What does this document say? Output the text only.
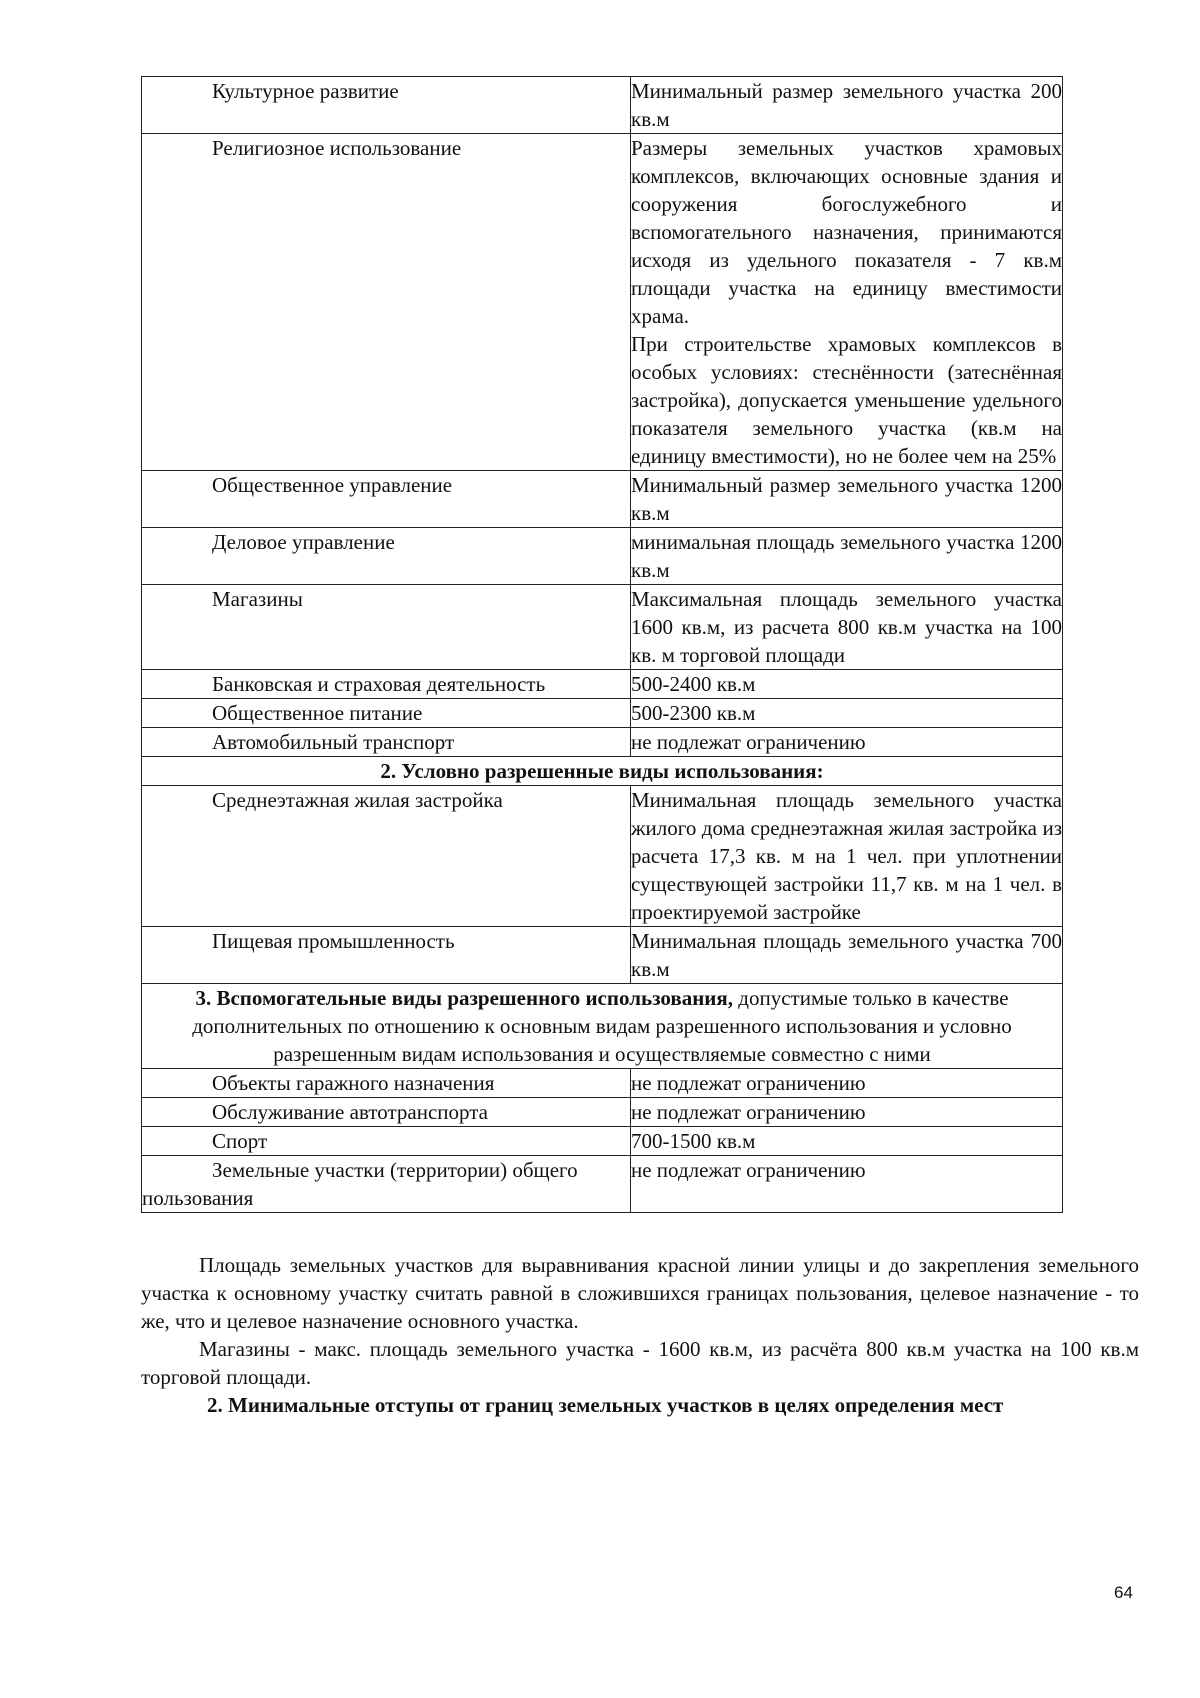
Культурное развитие	Минимальный размер земельного участка 200 кв.м

Религиозное использование	Размеры земельных участков храмовых комплексов, включающих основные здания и сооружения богослужебного и вспомогательного назначения, принимаются исходя из удельного показателя - 7 кв.м площади участка на единицу вместимости храма.
При строительстве храмовых комплексов в особых условиях: стеснённости (затеснённая застройка), допускается уменьшение удельного показателя земельного участка (кв.м на единицу вместимости), но не более чем на 25%

Общественное управление	Минимальный размер земельного участка 1200 кв.м

Деловое управление	минимальная площадь земельного участка 1200 кв.м

Магазины	Максимальная площадь земельного участка 1600 кв.м, из расчета 800 кв.м участка на 100 кв. м торговой площади

Банковская и страховая деятельность	500-2400 кв.м

Общественное питание	500-2300 кв.м

Автомобильный транспорт	не подлежат ограничению

2. Условно разрешенные виды использования:	

Среднеэтажная жилая застройка	Минимальная площадь земельного участка жилого дома среднеэтажная жилая застройка из расчета 17,3 кв. м на 1 чел. при уплотнении существующей застройки 11,7 кв. м на 1 чел. в проектируемой застройке

Пищевая промышленность	Минимальная площадь земельного участка 700 кв.м

3. Вспомогательные виды разрешенного использования, допустимые только в качестве дополнительных по отношению к основным видам разрешенного использования и условно разрешенным видам использования и осуществляемые совместно с ними	

Объекты гаражного назначения	не подлежат ограничению

Обслуживание автотранспорта	не подлежат ограничению

Спорт	700-1500 кв.м

Земельные участки (территории) общего пользования	не подлежат ограничению

Площадь земельных участков для выравнивания красной линии улицы и до закрепления земельного участка к основному участку считать равной в сложившихся границах пользования, целевое назначение - то же, что и целевое назначение основного участка.

Магазины - макс. площадь земельного участка - 1600 кв.м, из расчёта 800 кв.м участка на 100 кв.м торговой площади.

2. Минимальные отступы от границ земельных участков в целях определения мест

64
